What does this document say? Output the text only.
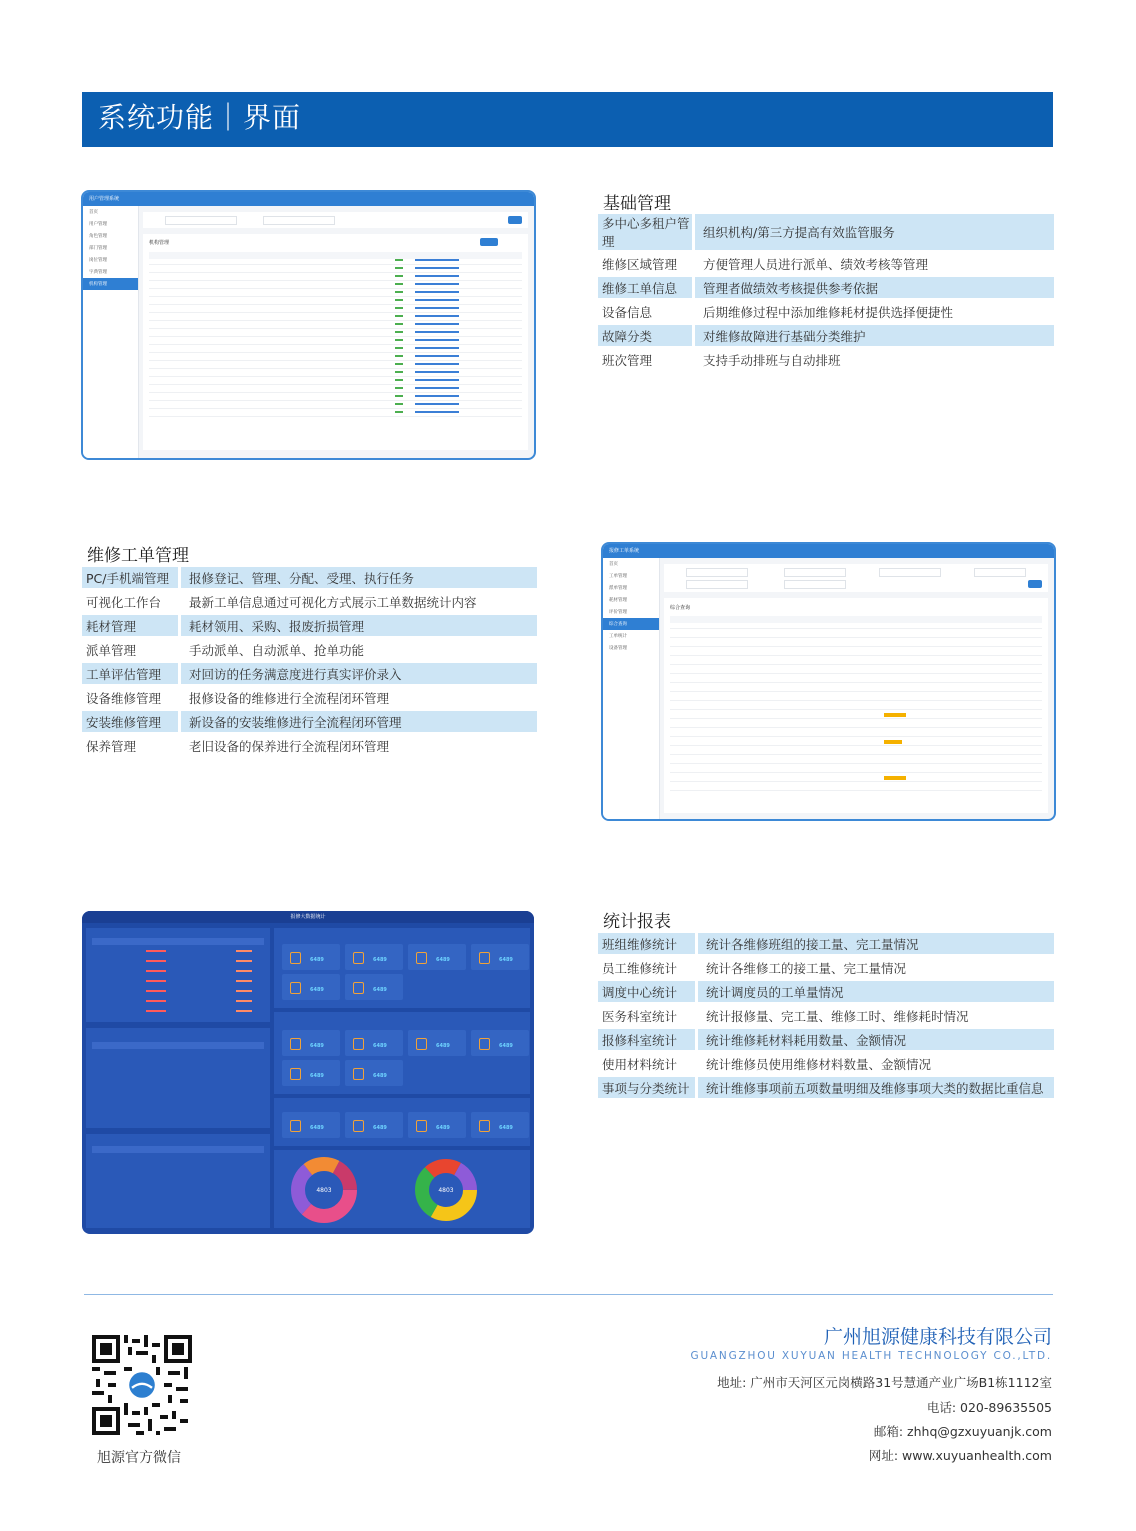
系统功能｜界面
用户管理系统
首页
用户管理
角色管理
部门管理
岗位管理
字典管理
机构管理
机构管理
基础管理
多中心多租户管理		组织机构/第三方提高有效监管服务
维修区域管理		方便管理人员进行派单、绩效考核等管理
维修工单信息		管理者做绩效考核提供参考依据
设备信息		后期维修过程中添加维修耗材提供选择便捷性
故障分类		对维修故障进行基础分类维护
班次管理		支持手动排班与自动排班
维修工单管理
PC/手机端管理		报修登记、管理、分配、受理、执行任务
可视化工作台		最新工单信息通过可视化方式展示工单数据统计内容
耗材管理		耗材领用、采购、报废折损管理
派单管理		手动派单、自动派单、抢单功能
工单评估管理		对回访的任务满意度进行真实评价录入
设备维修管理		报修设备的维修进行全流程闭环管理
安装维修管理		新设备的安装维修进行全流程闭环管理
保养管理		老旧设备的保养进行全流程闭环管理
报修工单系统
首页
工单管理
派单管理
耗材管理
评价管理
综合查询
工单统计
设备管理
综合查询
报修大数据统计
6489	6489	6489	6489
6489	6489
6489	6489	6489	6489
6489	6489
6489	6489	6489	6489
4803	4803
统计报表
班组维修统计		统计各维修班组的接工量、完工量情况
员工维修统计		统计各维修工的接工量、完工量情况
调度中心统计		统计调度员的工单量情况
医务科室统计		统计报修量、完工量、维修工时、维修耗时情况
报修科室统计		统计维修耗材料耗用数量、金额情况
使用材料统计		统计维修员使用维修材料数量、金额情况
事项与分类统计		统计维修事项前五项数量明细及维修事项大类的数据比重信息
旭源官方微信
广州旭源健康科技有限公司
GUANGZHOU XUYUAN HEALTH TECHNOLOGY CO.,LTD.
地址: 广州市天河区元岗横路31号慧通产业广场B1栋1112室
电话: 020-89635505
邮箱: zhhq@gzxuyuanjk.com
网址: www.xuyuanhealth.com
